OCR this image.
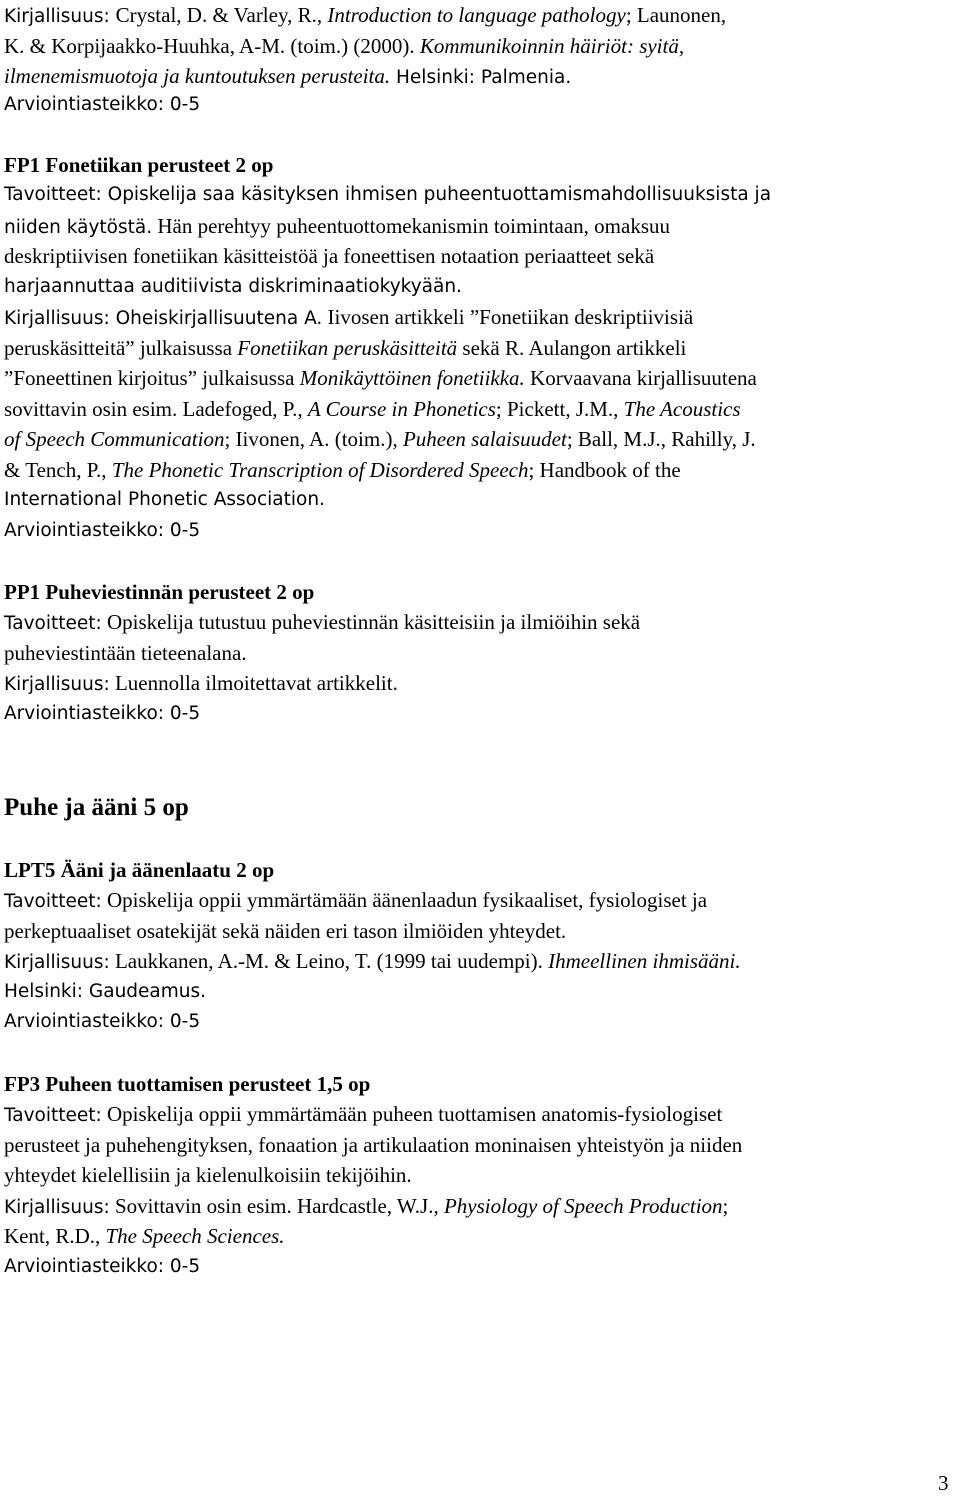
Kirjallisuus: Crystal, D. & Varley, R., Introduction to language pathology; Launonen,
K. & Korpijaakko-Huuhka, A-M. (toim.) (2000). Kommunikoinnin häiriöt: syitä,
ilmenemismuotoja ja kuntoutuksen perusteita. Helsinki: Palmenia.
Arviointiasteikko: 0-5
FP1 Fonetiikan perusteet 2 op
Tavoitteet: Opiskelija saa käsityksen ihmisen puheentuottamismahdollisuuksista ja
niiden käytöstä. Hän perehtyy puheentuottomekanismin toimintaan, omaksuu
deskriptiivisen fonetiikan käsitteistöä ja foneettisen notaation periaatteet sekä
harjaannuttaa auditiivista diskriminaatiokykyään.
Kirjallisuus: Oheiskirjallisuutena A. Iivosen artikkeli ”Fonetiikan deskriptiivisiä
peruskäsitteitä” julkaisussa Fonetiikan peruskäsitteitä sekä R. Aulangon artikkeli
”Foneettinen kirjoitus” julkaisussa Monikäyttöinen fonetiikka. Korvaavana kirjallisuutena
sovittavin osin esim. Ladefoged, P., A Course in Phonetics; Pickett, J.M., The Acoustics
of Speech Communication; Iivonen, A. (toim.), Puheen salaisuudet; Ball, M.J., Rahilly, J.
& Tench, P., The Phonetic Transcription of Disordered Speech; Handbook of the
International Phonetic Association.
Arviointiasteikko: 0-5
PP1 Puheviestinnän perusteet 2 op
Tavoitteet: Opiskelija tutustuu puheviestinnän käsitteisiin ja ilmiöihin sekä
puheviestintään tieteenalana.
Kirjallisuus: Luennolla ilmoitettavat artikkelit.
Arviointiasteikko: 0-5
Puhe ja ääni 5 op
LPT5 Ääni ja äänenlaatu 2 op
Tavoitteet: Opiskelija oppii ymmärtämään äänenlaadun fysikaaliset, fysiologiset ja
perkeptuaaliset osatekijät sekä näiden eri tason ilmiöiden yhteydet.
Kirjallisuus: Laukkanen, A.-M. & Leino, T. (1999 tai uudempi). Ihmeellinen ihmisääni.
Helsinki: Gaudeamus.
Arviointiasteikko: 0-5
FP3 Puheen tuottamisen perusteet 1,5 op
Tavoitteet: Opiskelija oppii ymmärtämään puheen tuottamisen anatomis-fysiologiset
perusteet ja puhehengityksen, fonaation ja artikulaation moninaisen yhteistyön ja niiden
yhteydet kielellisiin ja kielenulkoisiin tekijöihin.
Kirjallisuus: Sovittavin osin esim. Hardcastle, W.J., Physiology of Speech Production;
Kent, R.D., The Speech Sciences.
Arviointiasteikko: 0-5
3
